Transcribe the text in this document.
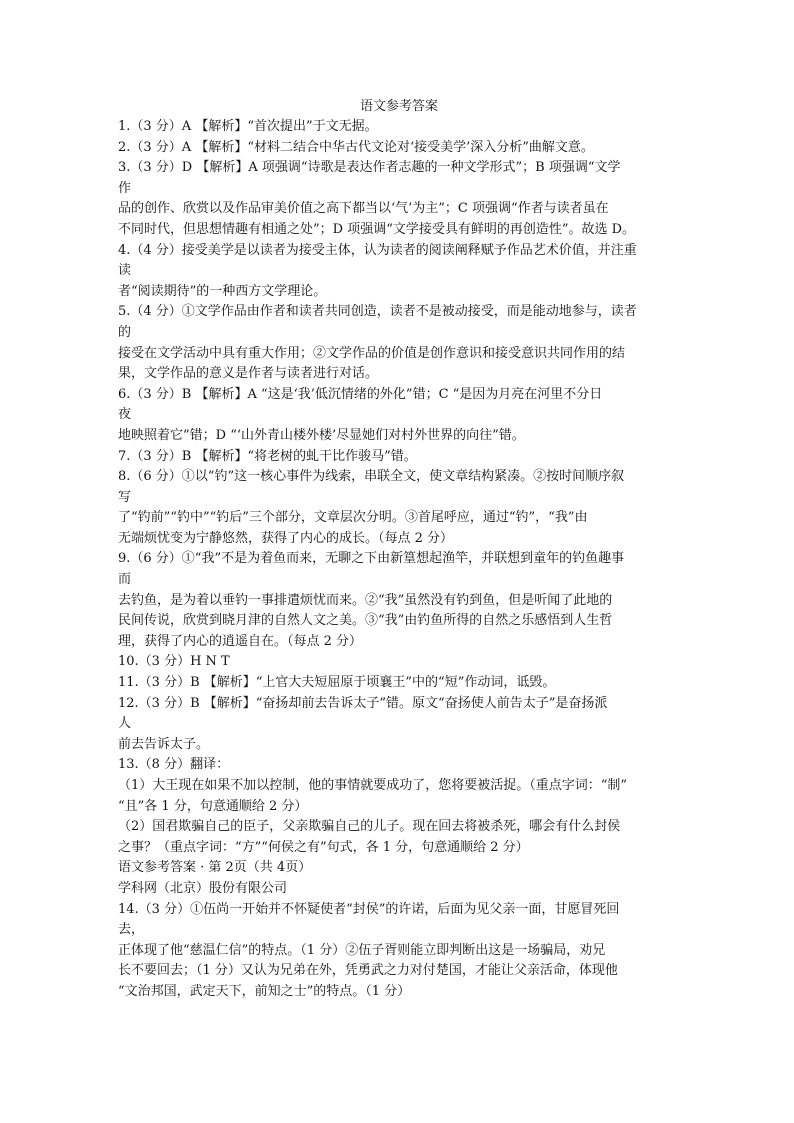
语文参考答案

1.（3 分）A 【解析】“首次提出”于文无据。

2.（3 分）A 【解析】“材料二结合中华古代文论对‘接受美学’深入分析”曲解文意。

3.（3 分）D 【解析】A 项强调“诗歌是表达作者志趣的一种文学形式”；B 项强调“文学

作

品的创作、欣赏以及作品审美价值之高下都当以‘气’为主”；C 项强调“作者与读者虽在

不同时代，但思想情趣有相通之处”；D 项强调“文学接受具有鲜明的再创造性”。故选 D。

4.（4 分）接受美学是以读者为接受主体，认为读者的阅读阐释赋予作品艺术价值，并注重

读

者“阅读期待”的一种西方文学理论。

5.（4 分）①文学作品由作者和读者共同创造，读者不是被动接受，而是能动地参与，读者

的

接受在文学活动中具有重大作用；②文学作品的价值是创作意识和接受意识共同作用的结

果，文学作品的意义是作者与读者进行对话。

6.（3 分）B 【解析】A “这是‘我’低沉情绪的外化”错；C “是因为月亮在河里不分日

夜

地映照着它”错；D “‘山外青山楼外楼’尽显她们对村外世界的向往”错。

7.（3 分）B 【解析】“将老树的虬干比作骏马”错。

8.（6 分）①以“钓”这一核心事件为线索，串联全文，使文章结构紧凑。②按时间顺序叙

写

了“钓前”“钓中”“钓后”三个部分，文章层次分明。③首尾呼应，通过“钓”，“我”由

无端烦忧变为宁静悠然，获得了内心的成长。（每点 2 分）

9.（6 分）①“我”不是为着鱼而来，无聊之下由新篁想起渔竿，并联想到童年的钓鱼趣事

而

去钓鱼，是为着以垂钓一事排遣烦忧而来。②“我”虽然没有钓到鱼，但是听闻了此地的

民间传说，欣赏到晓月津的自然人文之美。③“我”由钓鱼所得的自然之乐感悟到人生哲

理，获得了内心的逍遥自在。（每点 2 分）

10.（3 分）H N T

11.（3 分）B 【解析】“上官大夫短屈原于顷襄王”中的“短”作动词，诋毁。

12.（3 分）B 【解析】“奋扬却前去告诉太子”错。原文“奋扬使人前告太子”是奋扬派

人

前去告诉太子。

13.（8 分）翻译：

（1）大王现在如果不加以控制，他的事情就要成功了，您将要被活捉。（重点字词：“制”

“且”各 1 分，句意通顺给 2 分）

（2）国君欺骗自己的臣子，父亲欺骗自己的儿子。现在回去将被杀死，哪会有什么封侯

之事？（重点字词：“方”“何侯之有”句式，各 1 分，句意通顺给 2 分）

语文参考答案 · 第 2页（共 4页）

学科网（北京）股份有限公司

14.（3 分）①伍尚一开始并不怀疑使者“封侯”的许诺，后面为见父亲一面，甘愿冒死回

去，

正体现了他“慈温仁信”的特点。（1 分）②伍子胥则能立即判断出这是一场骗局，劝兄

长不要回去；（1 分）又认为兄弟在外，凭勇武之力对付楚国，才能让父亲活命，体现他

“文治邦国，武定天下，前知之士”的特点。（1 分）
